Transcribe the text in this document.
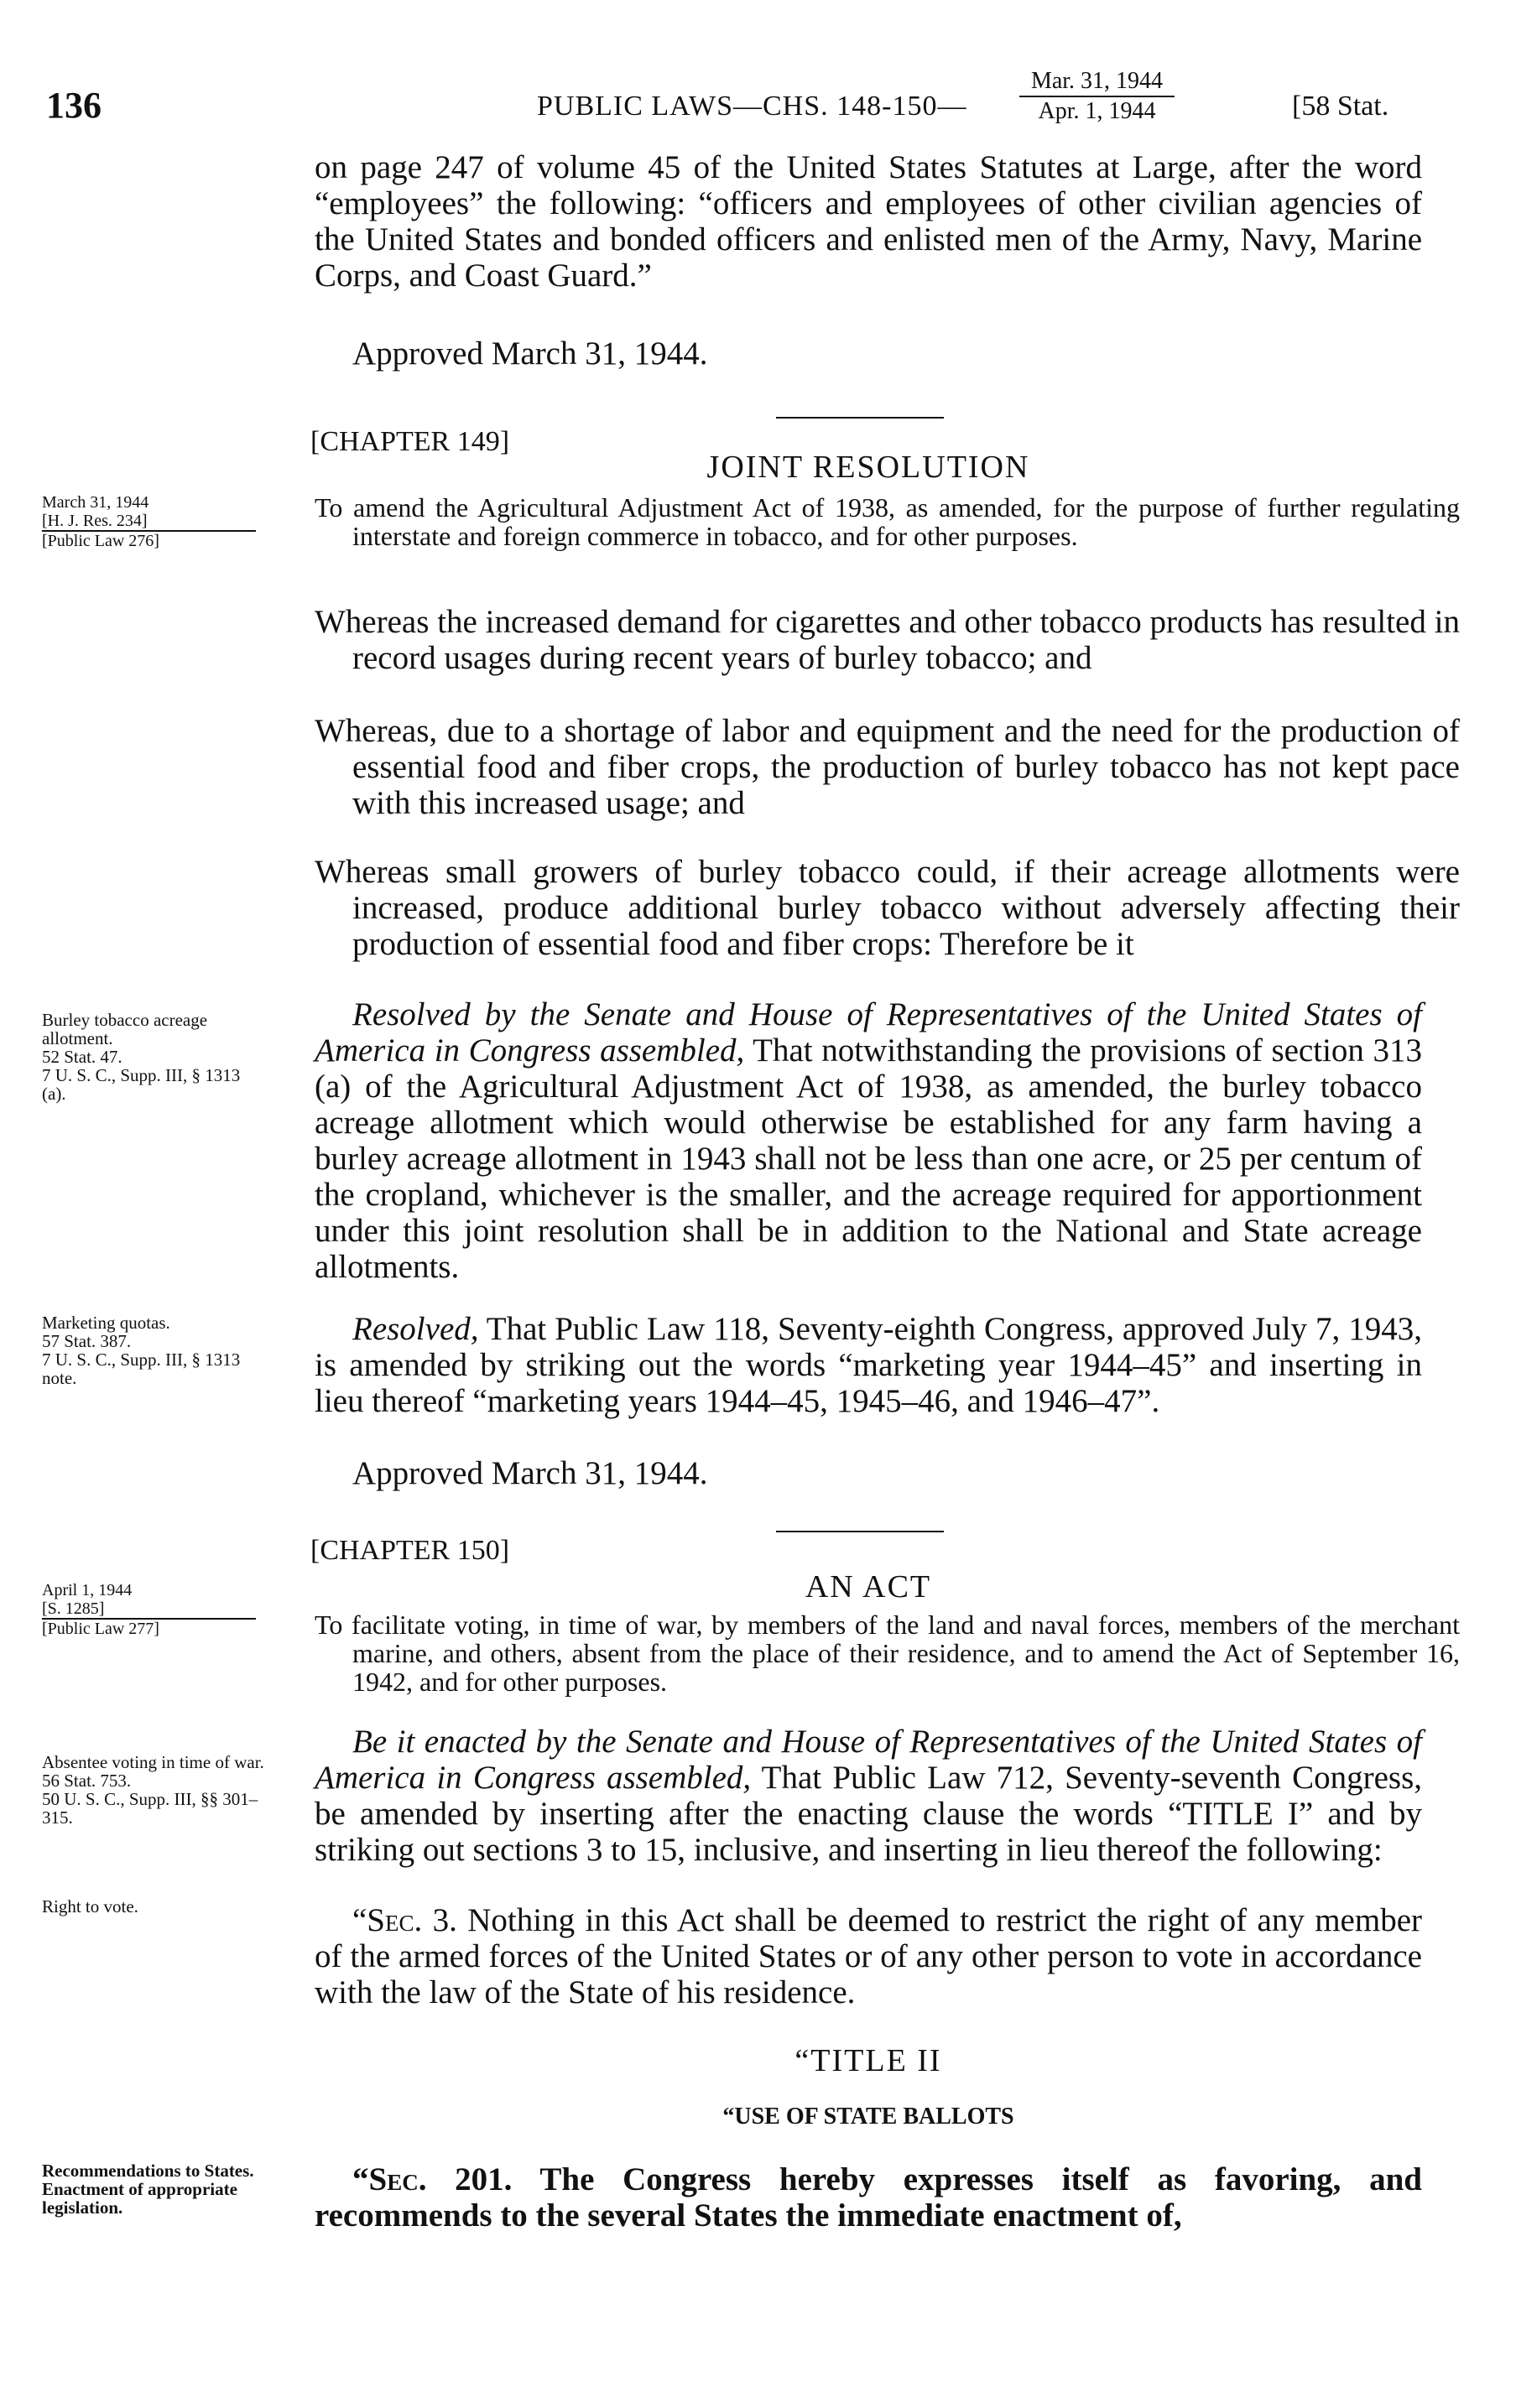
136	PUBLIC LAWS—CHS. 148-150—
Mar. 31, 1944
Apr. 1, 1944	[58 Stat.
on page 247 of volume 45 of the United States Statutes at Large, after the word “employees” the following: “officers and employees of other civilian agencies of the United States and bonded officers and enlisted men of the Army, Navy, Marine Corps, and Coast Guard.”
Approved March 31, 1944.
[CHAPTER 149]
JOINT RESOLUTION
To amend the Agricultural Adjustment Act of 1938, as amended, for the purpose of further regulating interstate and foreign commerce in tobacco, and for other purposes.
March 31, 1944
[H. J. Res. 234]
[Public Law 276]
Whereas the increased demand for cigarettes and other tobacco products has resulted in record usages during recent years of burley tobacco; and
Whereas, due to a shortage of labor and equipment and the need for the production of essential food and fiber crops, the production of burley tobacco has not kept pace with this increased usage; and
Whereas small growers of burley tobacco could, if their acreage allotments were increased, produce additional burley tobacco without adversely affecting their production of essential food and fiber crops: Therefore be it
Resolved by the Senate and House of Representatives of the United States of America in Congress assembled, That notwithstanding the provisions of section 313 (a) of the Agricultural Adjustment Act of 1938, as amended, the burley tobacco acreage allotment which would otherwise be established for any farm having a burley acreage allotment in 1943 shall not be less than one acre, or 25 per centum of the cropland, whichever is the smaller, and the acreage required for apportionment under this joint resolution shall be in addition to the National and State acreage allotments.
Burley tobacco acreage allotment.
52 Stat. 47.
7 U. S. C., Supp. III, § 1313 (a).
Resolved, That Public Law 118, Seventy-eighth Congress, approved July 7, 1943, is amended by striking out the words “marketing year 1944–45” and inserting in lieu thereof “marketing years 1944–45, 1945–46, and 1946–47”.
Marketing quotas.
57 Stat. 387.
7 U. S. C., Supp. III, § 1313 note.
Approved March 31, 1944.
[CHAPTER 150]
AN ACT
To facilitate voting, in time of war, by members of the land and naval forces, members of the merchant marine, and others, absent from the place of their residence, and to amend the Act of September 16, 1942, and for other purposes.
April 1, 1944
[S. 1285]
[Public Law 277]
Be it enacted by the Senate and House of Representatives of the United States of America in Congress assembled, That Public Law 712, Seventy-seventh Congress, be amended by inserting after the enacting clause the words “TITLE I” and by striking out sections 3 to 15, inclusive, and inserting in lieu thereof the following:
Absentee voting in time of war.
56 Stat. 753.
50 U. S. C., Supp. III, §§ 301–315.
Right to vote.	“Sec. 3. Nothing in this Act shall be deemed to restrict the right of any member of the armed forces of the United States or of any other person to vote in accordance with the law of the State of his residence.
“TITLE II
“USE OF STATE BALLOTS
“Sec. 201. The Congress hereby expresses itself as favoring, and recommends to the several States the immediate enactment of,
Recommendations to States.
Enactment of appropriate legislation.
